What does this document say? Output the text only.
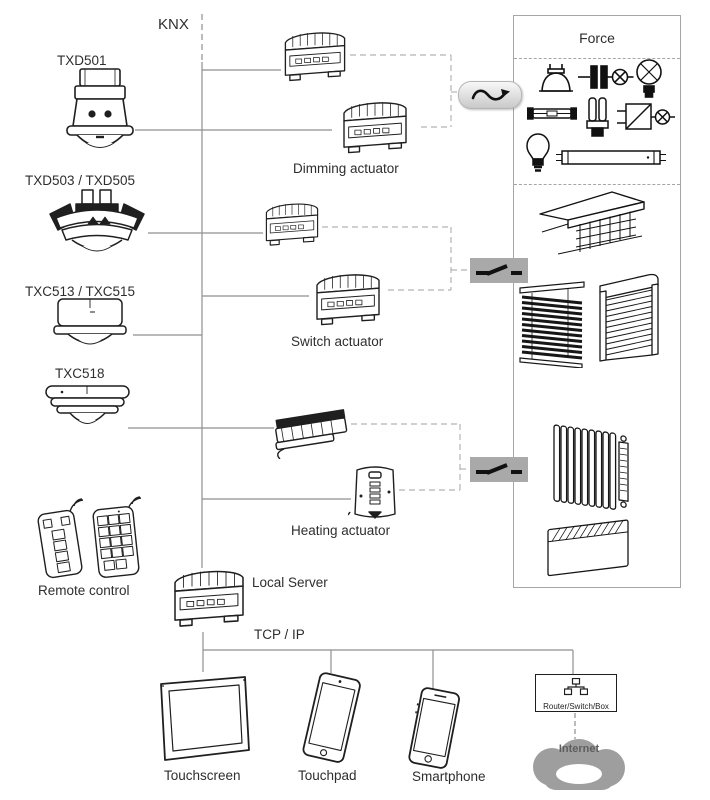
Force
KNX
TXD501
TXD503 / TXD505
TXC513 / TXC515
TXC518
Remote control
Dimming actuator
Switch actuator
Heating actuator
Local Server
TCP / IP
Touchscreen	Touchpad	Smartphone
Internet
Router/Switch/Box
